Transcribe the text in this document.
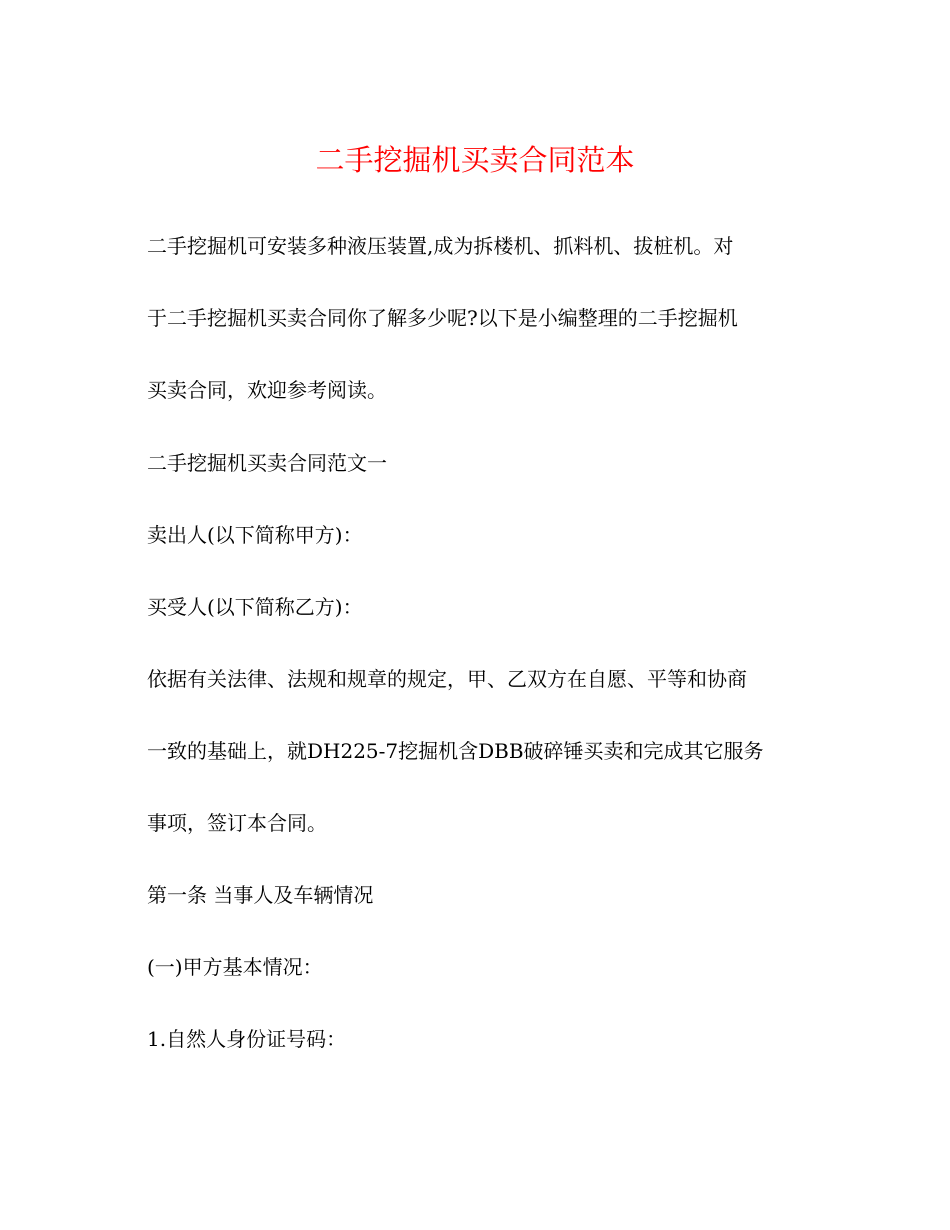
二手挖掘机买卖合同范本
二手挖掘机可安装多种液压装置,成为拆楼机、抓料机、拔桩机。对
于二手挖掘机买卖合同你了解多少呢?以下是小编整理的二手挖掘机
买卖合同，欢迎参考阅读。
二手挖掘机买卖合同范文一
卖出人(以下简称甲方)：
买受人(以下简称乙方)：
依据有关法律、法规和规章的规定，甲、乙双方在自愿、平等和协商
一致的基础上，就DH225-7挖掘机含DBB破碎锤买卖和完成其它服务
事项，签订本合同。
第一条 当事人及车辆情况
(一)甲方基本情况：
1.自然人身份证号码：
